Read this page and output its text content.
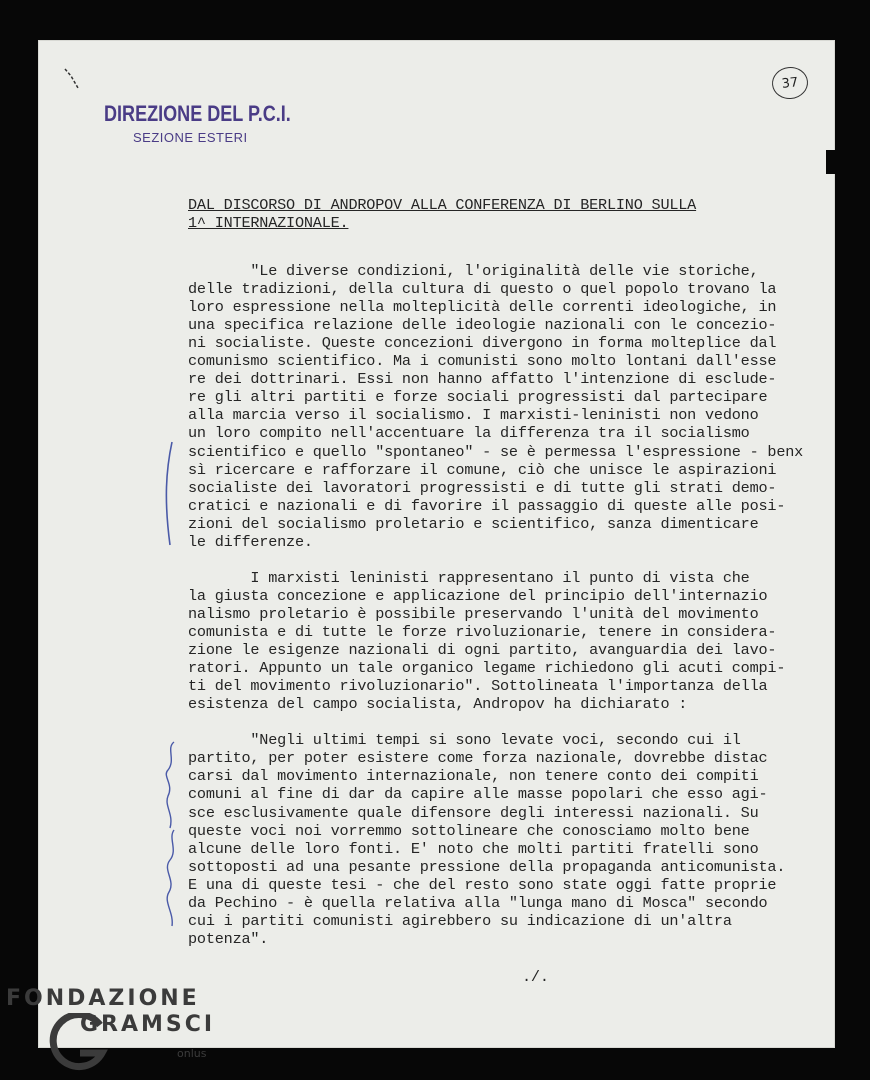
37
DIREZIONE DEL P.C.I.
SEZIONE ESTERI
DAL DISCORSO DI ANDROPOV ALLA CONFERENZA DI BERLINO SULLA
1^ INTERNAZIONALE.
"Le diverse condizioni, l'originalità delle vie storiche,
delle tradizioni, della cultura di questo o quel popolo trovano la
loro espressione nella molteplicità delle correnti ideologiche, in
una specifica relazione delle ideologie nazionali con le concezio-
ni socialiste. Queste concezioni divergono in forma molteplice dal
comunismo scientifico. Ma i comunisti sono molto lontani dall'esse
re dei dottrinari. Essi non hanno affatto l'intenzione di esclude-
re gli altri partiti e forze sociali progressisti dal partecipare
alla marcia verso il socialismo. I marxisti-leninisti non vedono
un loro compito nell'accentuare la differenza tra il socialismo
scientifico e quello "spontaneo" - se è permessa l'espressione - benx
sì ricercare e rafforzare il comune, ciò che unisce le aspirazioni
socialiste dei lavoratori progressisti e di tutte gli strati demo-
cratici e nazionali e di favorire il passaggio di queste alle posi-
zioni del socialismo proletario e scientifico, sanza dimenticare
le differenze.
I marxisti leninisti rappresentano il punto di vista che
la giusta concezione e applicazione del principio dell'internazio
nalismo proletario è possibile preservando l'unità del movimento
comunista e di tutte le forze rivoluzionarie, tenere in considera-
zione le esigenze nazionali di ogni partito, avanguardia dei lavo-
ratori. Appunto un tale organico legame richiedono gli acuti compi-
ti del movimento rivoluzionario". Sottolineata l'importanza della
esistenza del campo socialista, Andropov ha dichiarato :
"Negli ultimi tempi si sono levate voci, secondo cui il
partito, per poter esistere come forza nazionale, dovrebbe distac
carsi dal movimento internazionale, non tenere conto dei compiti
comuni al fine di dar da capire alle masse popolari che esso agi-
sce esclusivamente quale difensore degli interessi nazionali. Su
queste voci noi vorremmo sottolineare che conosciamo molto bene
alcune delle loro fonti. E' noto che molti partiti fratelli sono
sottoposti ad una pesante pressione della propaganda anticomunista.
E una di queste tesi - che del resto sono state oggi fatte proprie
da Pechino - è quella relativa alla "lunga mano di Mosca" secondo
cui i partiti comunisti agirebbero su indicazione di un'altra
potenza".
./.
FONDAZIONE
GRAMSCI
onlus
